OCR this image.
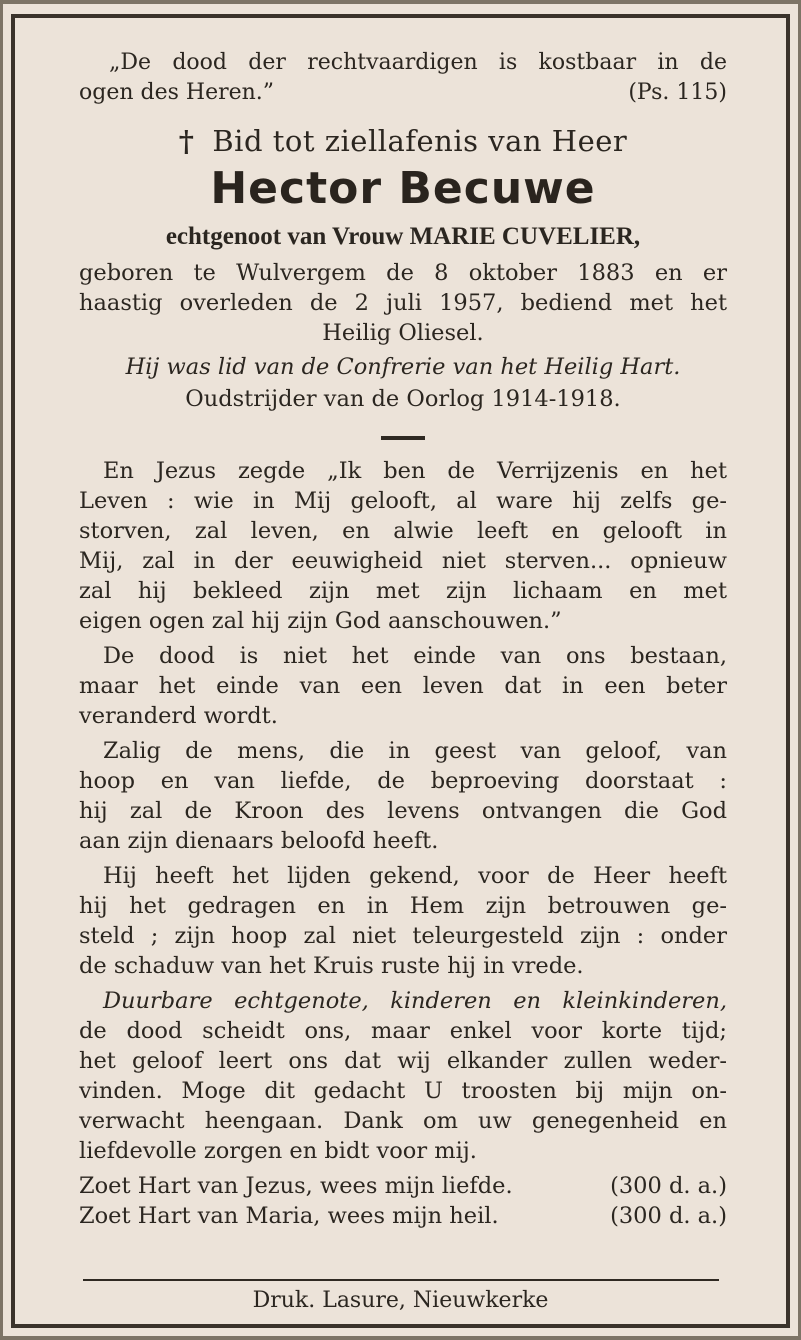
„De dood der rechtvaardigen is kostbaar in de
ogen des Heren.”	(Ps. 115)
† Bid tot ziellafenis van Heer
Hector Becuwe
echtgenoot van Vrouw MARIE CUVELIER,
geboren te Wulvergem de 8 oktober 1883 en er
haastig overleden de 2 juli 1957, bediend met het
Heilig Oliesel.
Hij was lid van de Confrerie van het Heilig Hart.
Oudstrijder van de Oorlog 1914-1918.
En Jezus zegde „Ik ben de Verrijzenis en het
Leven : wie in Mij gelooft, al ware hij zelfs ge-
storven, zal leven, en alwie leeft en gelooft in
Mij, zal in der eeuwigheid niet sterven... opnieuw
zal hij bekleed zijn met zijn lichaam en met
eigen ogen zal hij zijn God aanschouwen.”
De dood is niet het einde van ons bestaan,
maar het einde van een leven dat in een beter
veranderd wordt.
Zalig de mens, die in geest van geloof, van
hoop en van liefde, de beproeving doorstaat :
hij zal de Kroon des levens ontvangen die God
aan zijn dienaars beloofd heeft.
Hij heeft het lijden gekend, voor de Heer heeft
hij het gedragen en in Hem zijn betrouwen ge-
steld ; zijn hoop zal niet teleurgesteld zijn : onder
de schaduw van het Kruis ruste hij in vrede.
Duurbare echtgenote, kinderen en kleinkinderen,
de dood scheidt ons, maar enkel voor korte tijd;
het geloof leert ons dat wij elkander zullen weder-
vinden. Moge dit gedacht U troosten bij mijn on-
verwacht heengaan. Dank om uw genegenheid en
liefdevolle zorgen en bidt voor mij.
Zoet Hart van Jezus, wees mijn liefde.	(300 d. a.)
Zoet Hart van Maria, wees mijn heil.	(300 d. a.)
Druk. Lasure, Nieuwkerke
